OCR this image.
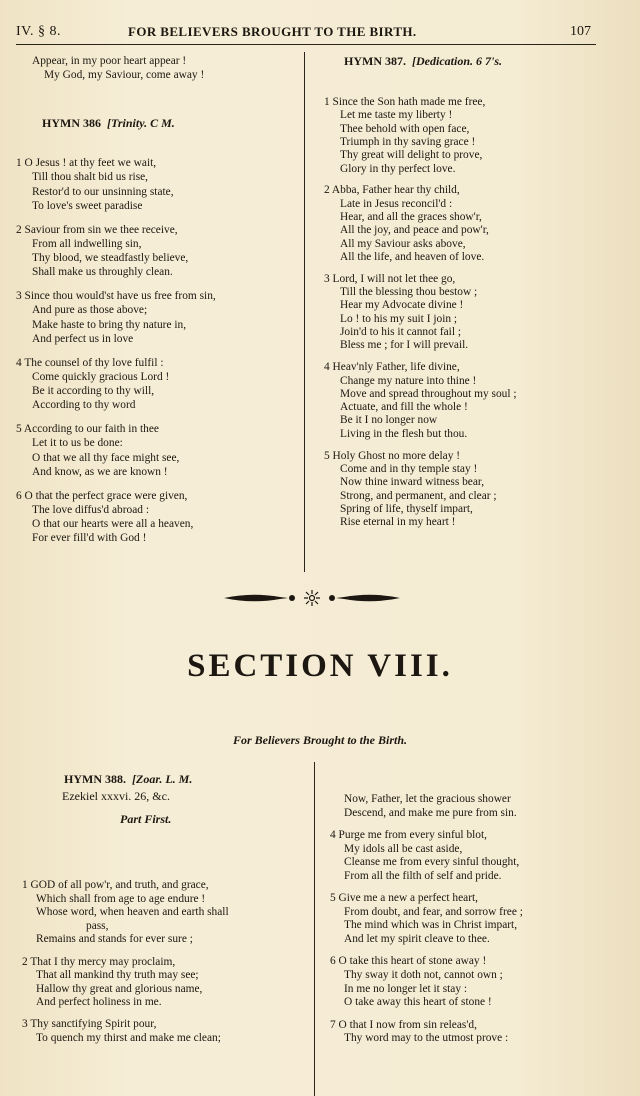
IV. § 8.	FOR BELIEVERS BROUGHT TO THE BIRTH.	107
Appear, in my poor heart appear !
My God, my Saviour, come away !
HYMN 386 [Trinity. C M.
1 O Jesus ! at thy feet we wait,
Till thou shalt bid us rise,
Restor'd to our unsinning state,
To love's sweet paradise
2 Saviour from sin we thee receive,
From all indwelling sin,
Thy blood, we steadfastly believe,
Shall make us throughly clean.
3 Since thou would'st have us free from sin,
And pure as those above;
Make haste to bring thy nature in,
And perfect us in love
4 The counsel of thy love fulfil :
Come quickly gracious Lord !
Be it according to thy will,
According to thy word
5 According to our faith in thee
Let it to us be done:
O that we all thy face might see,
And know, as we are known !
6 O that the perfect grace were given,
The love diffus'd abroad :
O that our hearts were all a heaven,
For ever fill'd with God !
HYMN 387. [Dedication. 6 7's.
1 Since the Son hath made me free,
Let me taste my liberty !
Thee behold with open face,
Triumph in thy saving grace !
Thy great will delight to prove,
Glory in thy perfect love.
2 Abba, Father hear thy child,
Late in Jesus reconcil'd :
Hear, and all the graces show'r,
All the joy, and peace and pow'r,
All my Saviour asks above,
All the life, and heaven of love.
3 Lord, I will not let thee go,
Till the blessing thou bestow ;
Hear my Advocate divine !
Lo ! to his my suit I join ;
Join'd to his it cannot fail ;
Bless me ; for I will prevail.
4 Heav'nly Father, life divine,
Change my nature into thine !
Move and spread throughout my soul ;
Actuate, and fill the whole !
Be it I no longer now
Living in the flesh but thou.
5 Holy Ghost no more delay !
Come and in thy temple stay !
Now thine inward witness bear,
Strong, and permanent, and clear ;
Spring of life, thyself impart,
Rise eternal in my heart !
SECTION VIII.
For Believers Brought to the Birth.
HYMN 388. [Zoar. L. M.
Ezekiel xxxvi. 26, &c.
Part First.
1 GOD of all pow'r, and truth, and grace,
Which shall from age to age endure !
Whose word, when heaven and earth shall
pass,
Remains and stands for ever sure ;
2 That I thy mercy may proclaim,
That all mankind thy truth may see;
Hallow thy great and glorious name,
And perfect holiness in me.
3 Thy sanctifying Spirit pour,
To quench my thirst and make me clean;
Now, Father, let the gracious shower
Descend, and make me pure from sin.
4 Purge me from every sinful blot,
My idols all be cast aside,
Cleanse me from every sinful thought,
From all the filth of self and pride.
5 Give me a new a perfect heart,
From doubt, and fear, and sorrow free ;
The mind which was in Christ impart,
And let my spirit cleave to thee.
6 O take this heart of stone away !
Thy sway it doth not, cannot own ;
In me no longer let it stay :
O take away this heart of stone !
7 O that I now from sin releas'd,
Thy word may to the utmost prove :
